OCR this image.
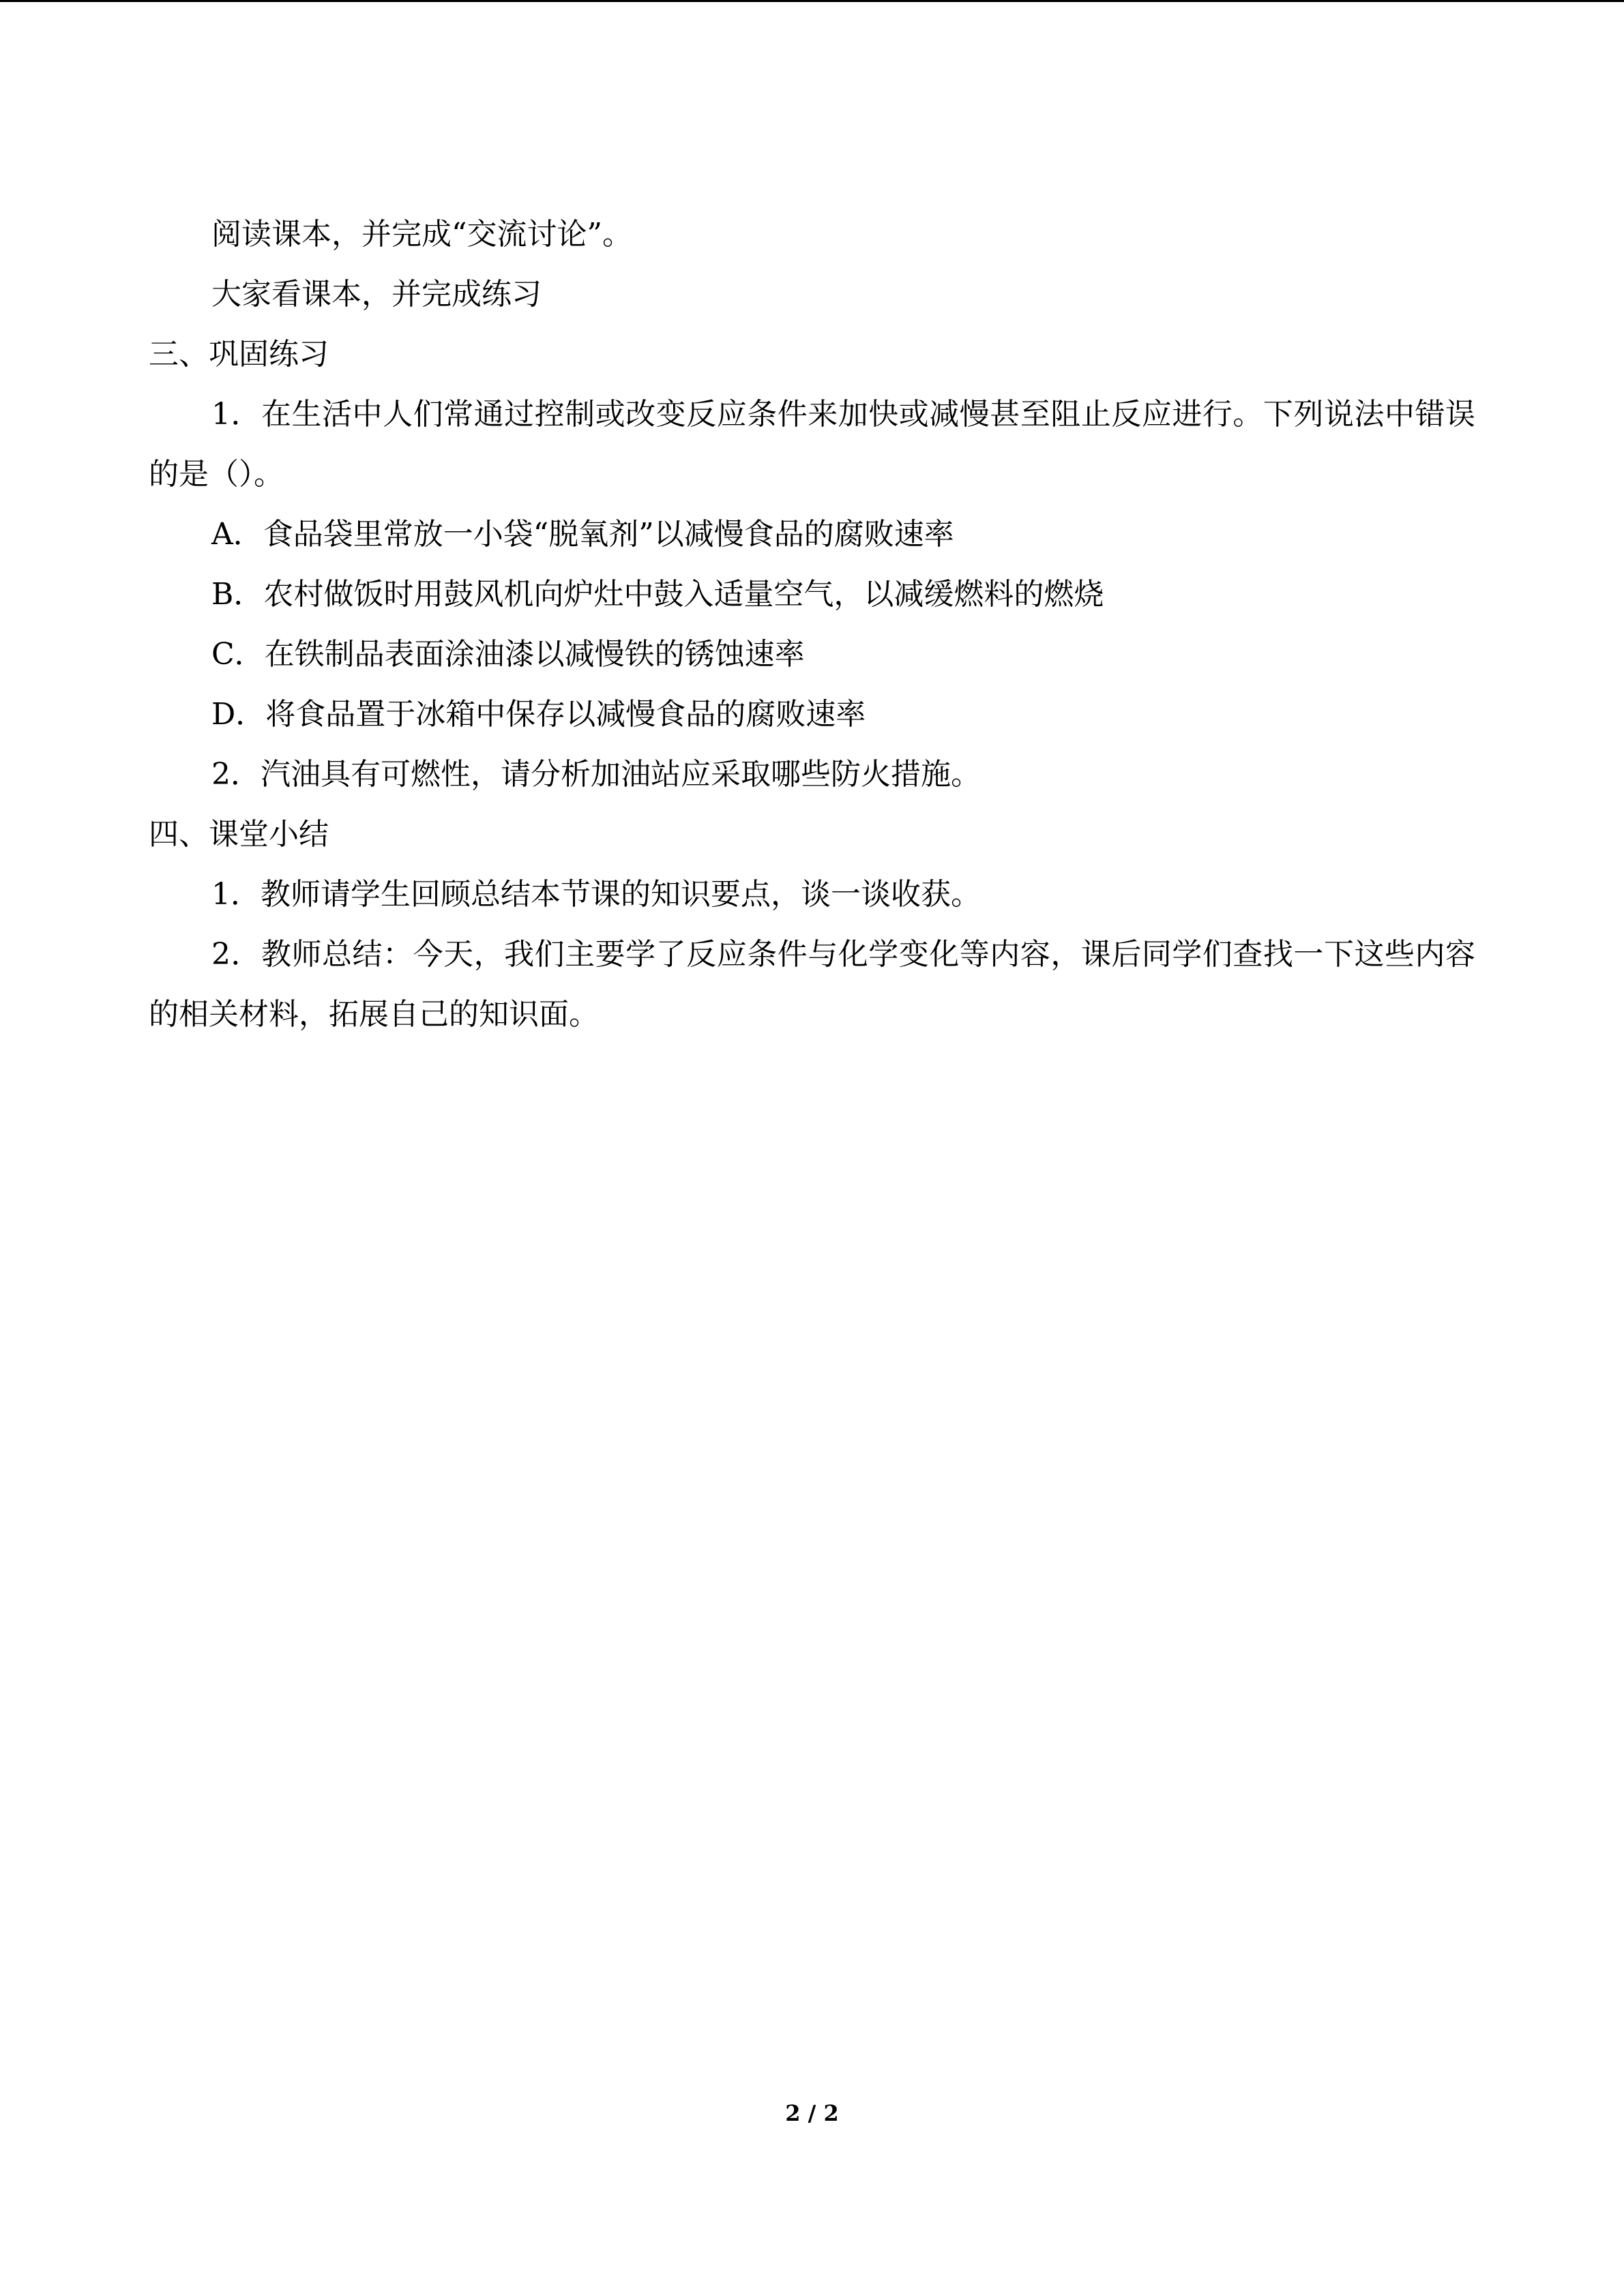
阅读课本，并完成“交流讨论”。
大家看课本，并完成练习
三、巩固练习
1．在生活中人们常通过控制或改变反应条件来加快或减慢甚至阻止反应进行。下列说法中错误的是（）。
A．食品袋里常放一小袋“脱氧剂”以减慢食品的腐败速率
B．农村做饭时用鼓风机向炉灶中鼓入适量空气，以减缓燃料的燃烧
C．在铁制品表面涂油漆以减慢铁的锈蚀速率
D．将食品置于冰箱中保存以减慢食品的腐败速率
2．汽油具有可燃性，请分析加油站应采取哪些防火措施。
四、课堂小结
1．教师请学生回顾总结本节课的知识要点，谈一谈收获。
2．教师总结：今天，我们主要学了反应条件与化学变化等内容，课后同学们查找一下这些内容的相关材料，拓展自己的知识面。
2 / 2
